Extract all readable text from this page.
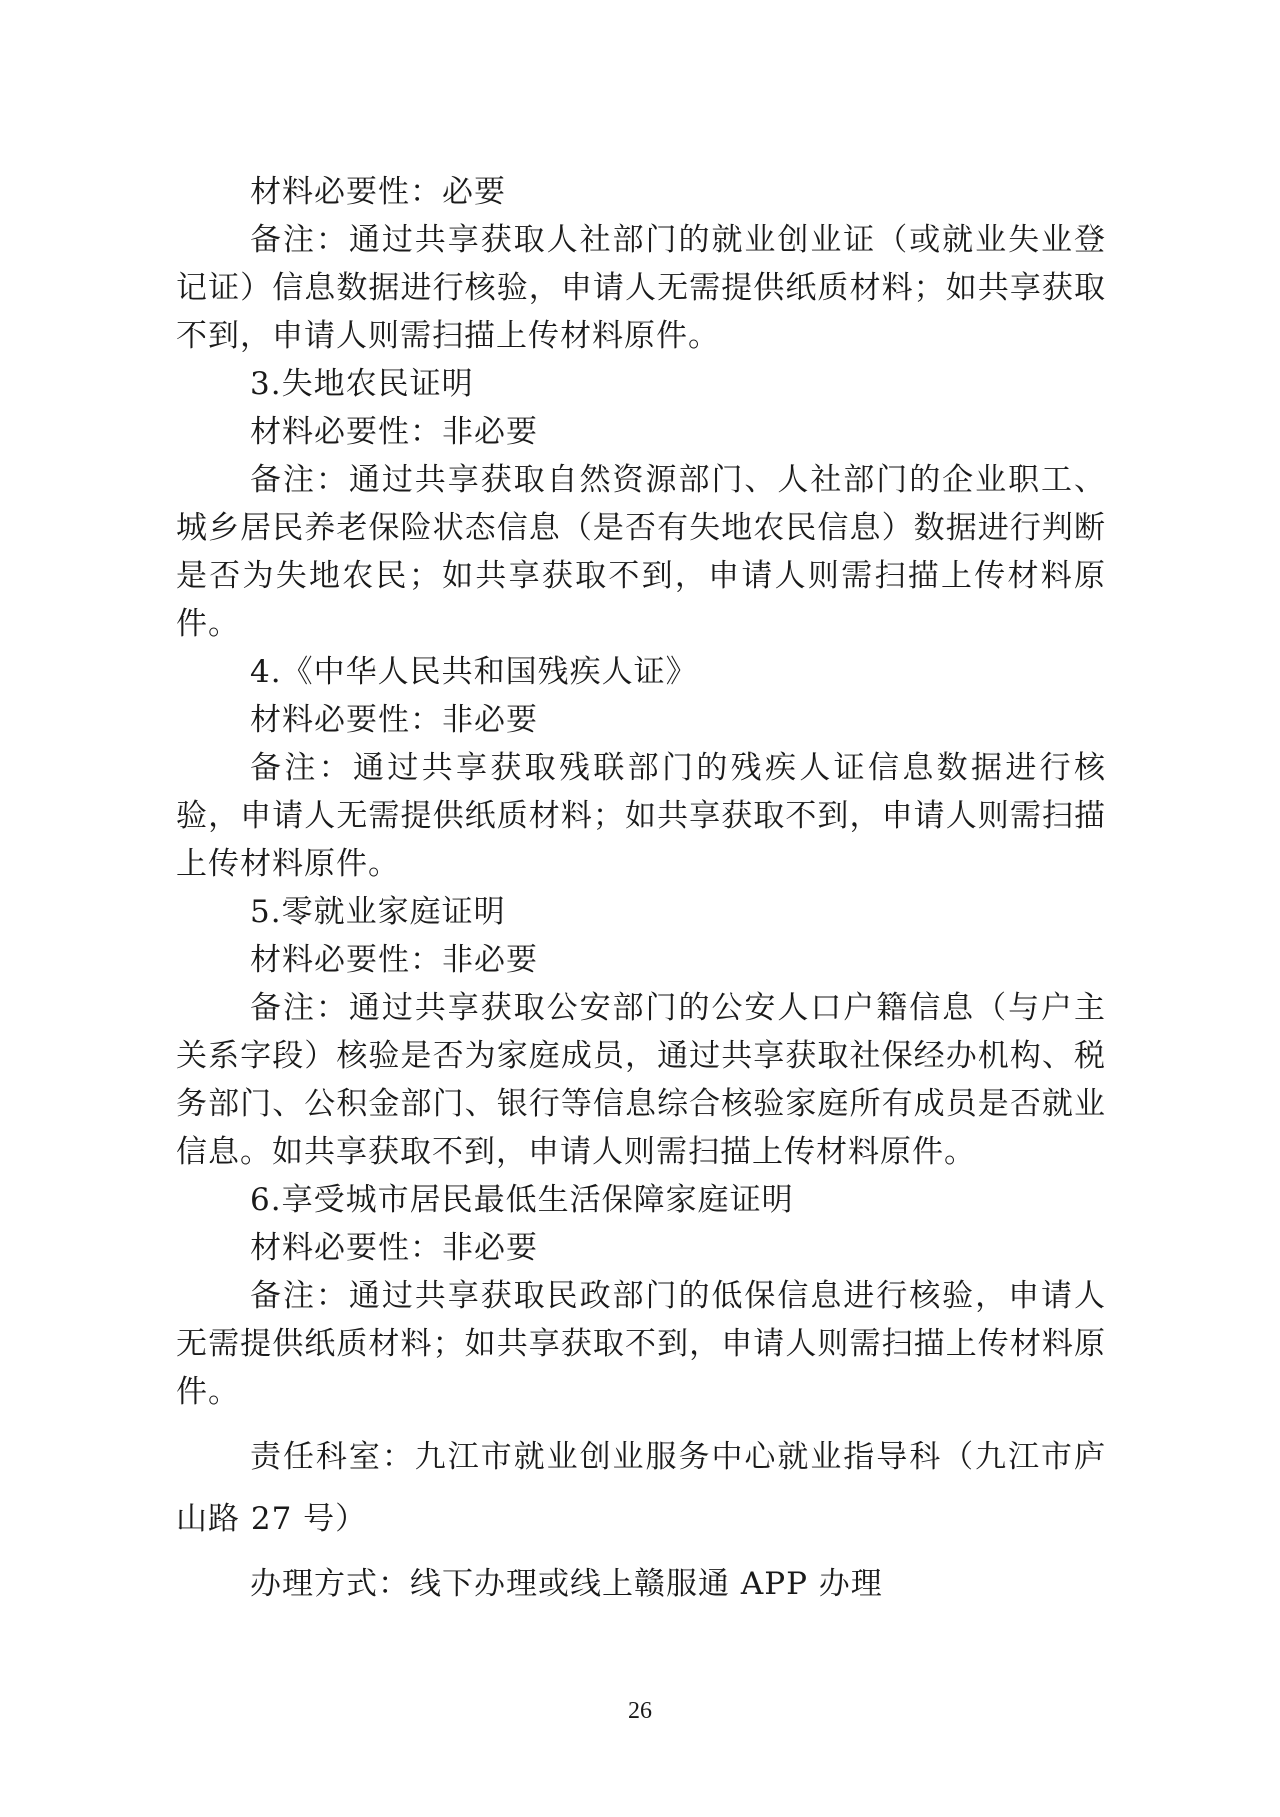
材料必要性：必要

备注：通过共享获取人社部门的就业创业证（或就业失业登记证）信息数据进行核验，申请人无需提供纸质材料；如共享获取不到，申请人则需扫描上传材料原件。

3.失地农民证明

材料必要性：非必要

备注：通过共享获取自然资源部门、人社部门的企业职工、城乡居民养老保险状态信息（是否有失地农民信息）数据进行判断是否为失地农民；如共享获取不到，申请人则需扫描上传材料原件。

4.《中华人民共和国残疾人证》

材料必要性：非必要

备注：通过共享获取残联部门的残疾人证信息数据进行核验，申请人无需提供纸质材料；如共享获取不到，申请人则需扫描上传材料原件。

5.零就业家庭证明

材料必要性：非必要

备注：通过共享获取公安部门的公安人口户籍信息（与户主关系字段）核验是否为家庭成员，通过共享获取社保经办机构、税务部门、公积金部门、银行等信息综合核验家庭所有成员是否就业信息。如共享获取不到，申请人则需扫描上传材料原件。

6.享受城市居民最低生活保障家庭证明

材料必要性：非必要

备注：通过共享获取民政部门的低保信息进行核验，申请人无需提供纸质材料；如共享获取不到，申请人则需扫描上传材料原件。

责任科室：九江市就业创业服务中心就业指导科（九江市庐山路 27 号）

办理方式：线下办理或线上赣服通 APP 办理

26
